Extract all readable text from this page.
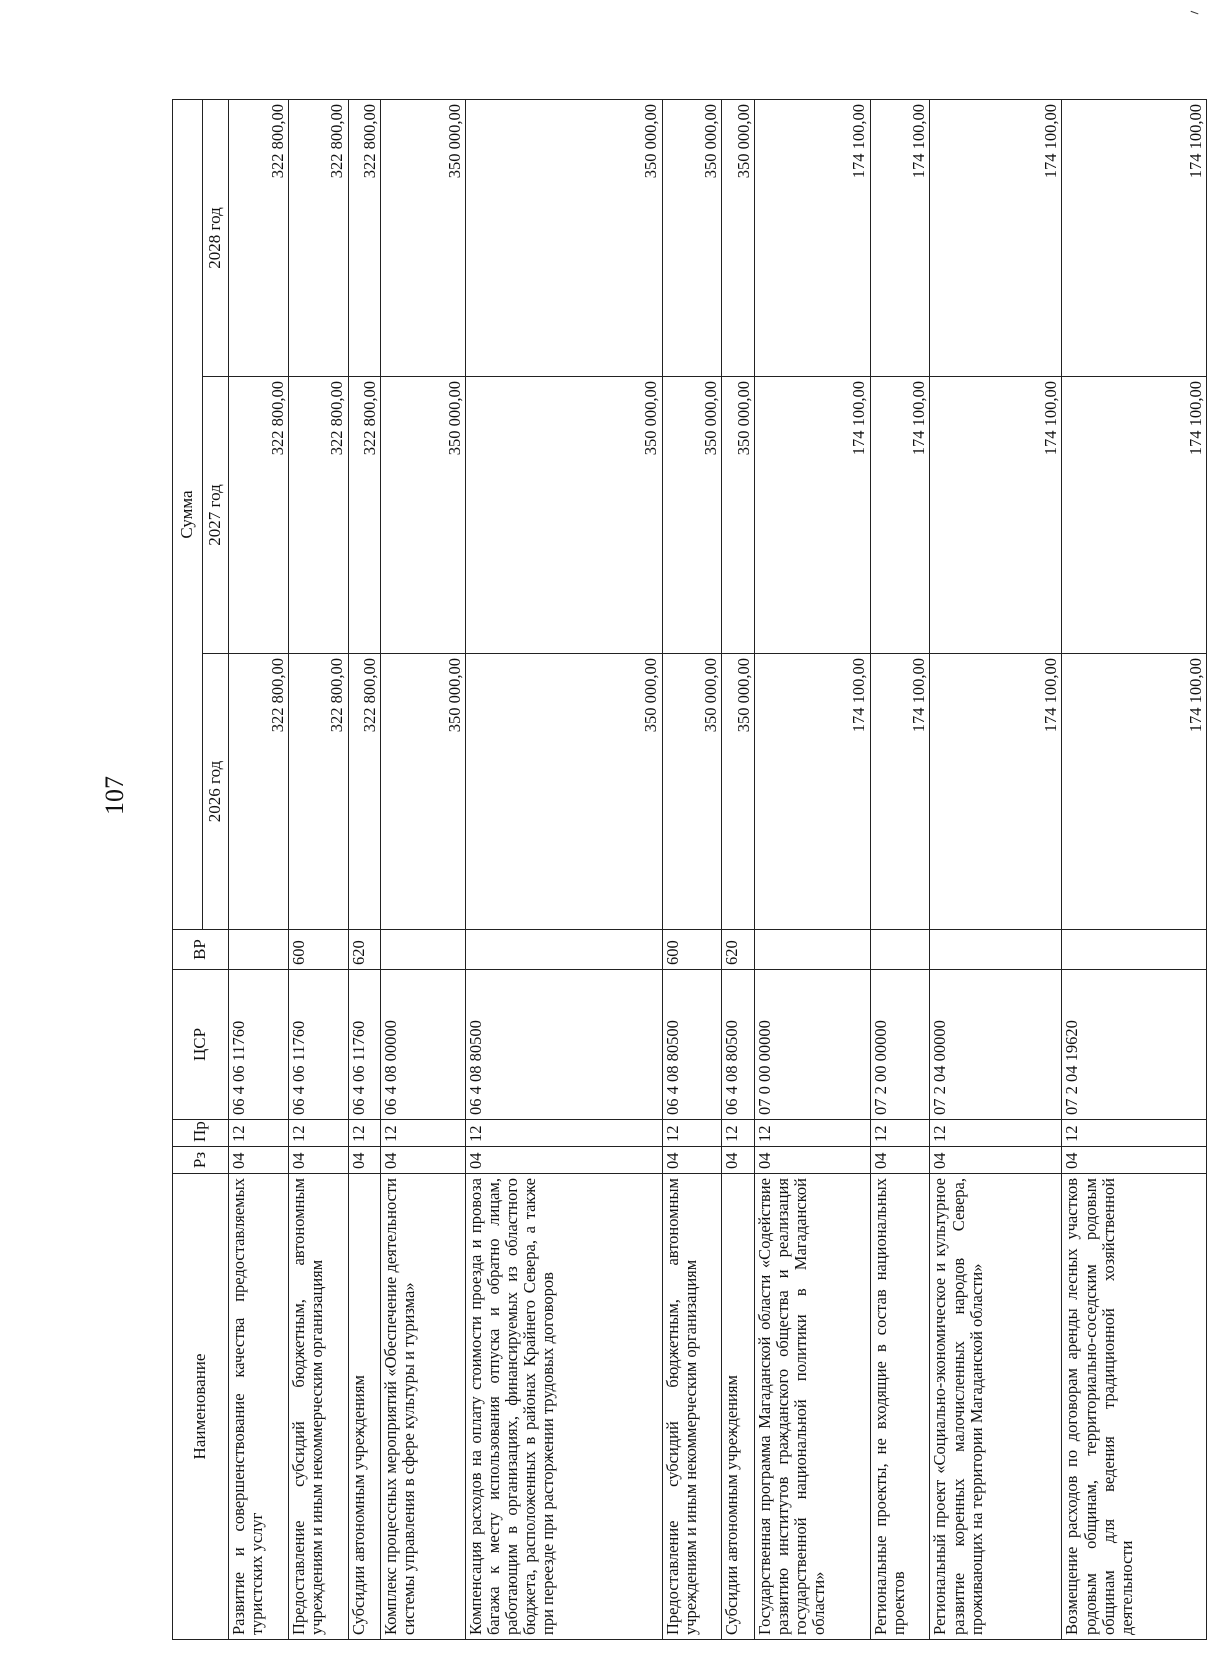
107
Наименование	Рз	Пр	ЦСР	ВР	Сумма		
					2026 год	2027 год	2028 год
Развитие и совершенствование качества предоставляемых туристских услуг	04	12	06 4 06 11760		322 800,00	322 800,00	322 800,00
Предоставление субсидий бюджетным, автономным учреждениям и иным некоммерческим организациям	04	12	06 4 06 11760	600	322 800,00	322 800,00	322 800,00
Субсидии автономным учреждениям	04	12	06 4 06 11760	620	322 800,00	322 800,00	322 800,00
Комплекс процессных мероприятий «Обеспечение деятельности системы управления в сфере культуры и туризма»	04	12	06 4 08 00000		350 000,00	350 000,00	350 000,00
Компенсация расходов на оплату стоимости проезда и провоза багажа к месту использования отпуска и обратно лицам, работающим в организациях, финансируемых из областного бюджета, расположенных в районах Крайнего Севера, а также при переезде при расторжении трудовых договоров	04	12	06 4 08 80500		350 000,00	350 000,00	350 000,00
Предоставление субсидий бюджетным, автономным учреждениям и иным некоммерческим организациям	04	12	06 4 08 80500	600	350 000,00	350 000,00	350 000,00
Субсидии автономным учреждениям	04	12	06 4 08 80500	620	350 000,00	350 000,00	350 000,00
Государственная программа Магаданской области «Содействие развитию институтов гражданского общества и реализация государственной национальной политики в Магаданской области»	04	12	07 0 00 00000		174 100,00	174 100,00	174 100,00
Региональные проекты, не входящие в состав национальных проектов	04	12	07 2 00 00000		174 100,00	174 100,00	174 100,00
Региональный проект «Социально-экономическое и культурное развитие коренных малочисленных народов Севера, проживающих на территории Магаданской области»	04	12	07 2 04 00000		174 100,00	174 100,00	174 100,00
Возмещение расходов по договорам аренды лесных участков родовым общинам, территориально-соседским родовым общинам для ведения традиционной хозяйственной деятельности	04	12	07 2 04 19620		174 100,00	174 100,00	174 100,00
